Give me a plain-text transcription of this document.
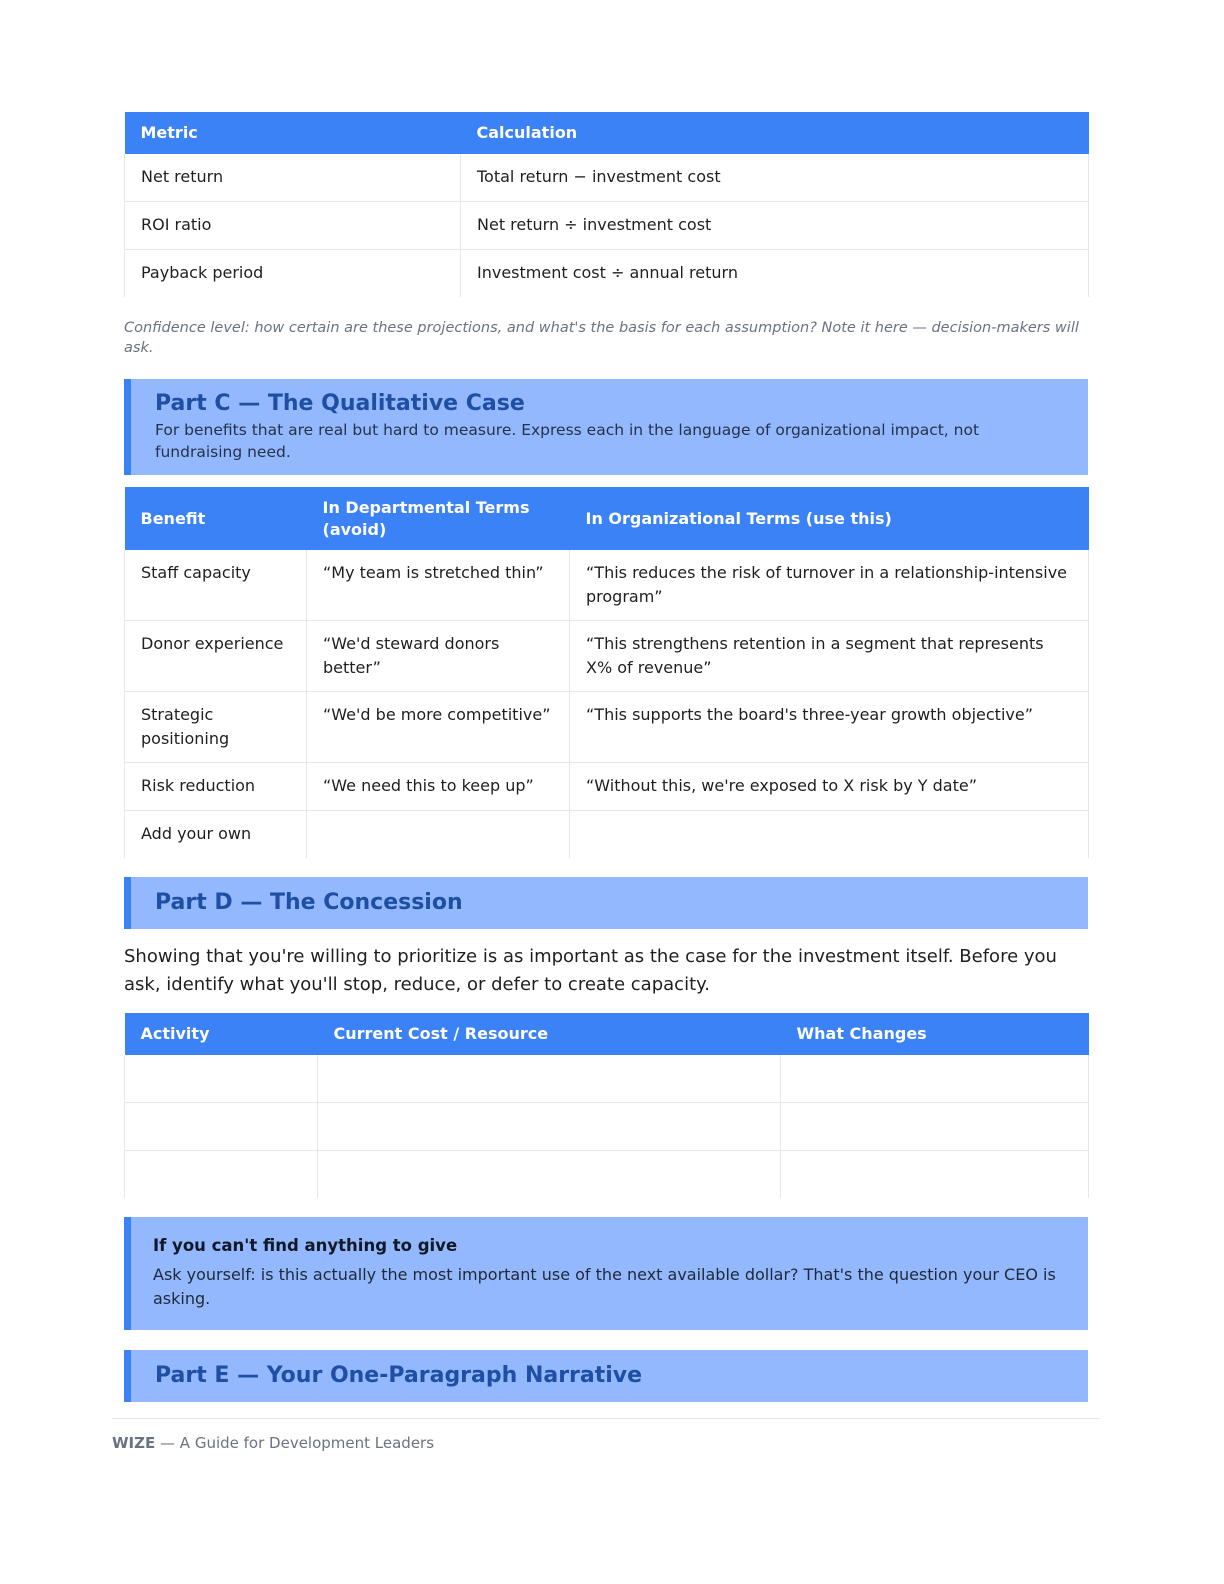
Metric	Calculation
Net return	Total return − investment cost
ROI ratio	Net return ÷ investment cost
Payback period	Investment cost ÷ annual return

Confidence level: how certain are these projections, and what's the basis for each assumption? Note it here — decision-makers will ask.

Part C — The Qualitative Case

For benefits that are real but hard to measure. Express each in the language of organizational impact, not fundraising need.

Benefit	In Departmental Terms (avoid)	In Organizational Terms (use this)
Staff capacity	“My team is stretched thin”	“This reduces the risk of turnover in a relationship-intensive program”
Donor experience	“We'd steward donors better”	“This strengthens retention in a segment that represents X% of revenue”
Strategic positioning	“We'd be more competitive”	“This supports the board's three-year growth objective”
Risk reduction	“We need this to keep up”	“Without this, we're exposed to X risk by Y date”
Add your own		
Part D — The Concession

Showing that you're willing to prioritize is as important as the case for the investment itself. Before you ask, identify what you'll stop, reduce, or defer to create capacity.

Activity	Current Cost / Resource	What Changes

If you can't find anything to give
Ask yourself: is this actually the most important use of the next available dollar? That's the question your CEO is asking.
Part E — Your One-Paragraph Narrative
WIZE — A Guide for Development Leaders
